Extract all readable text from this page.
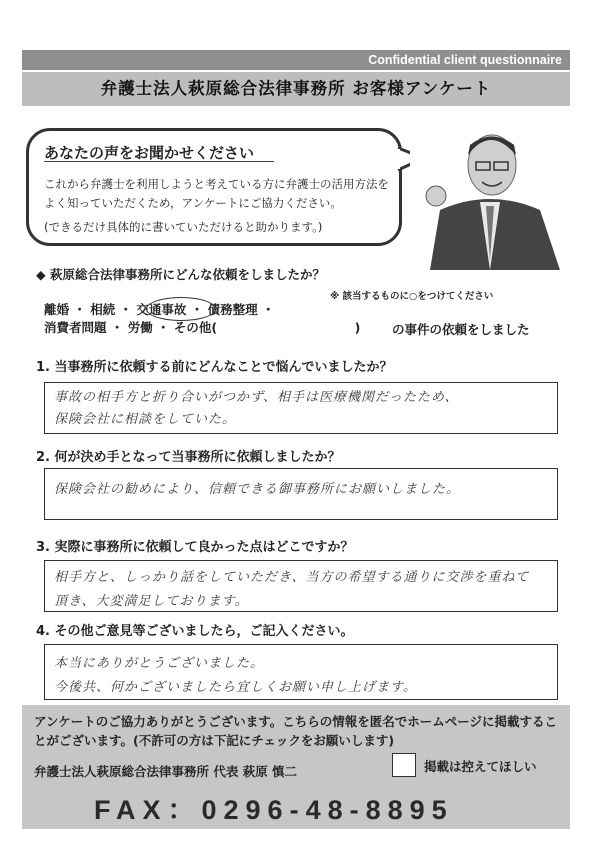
Confidential client questionnaire
弁護士法人萩原総合法律事務所 お客様アンケート
あなたの声をお聞かせください
これから弁護士を利用しようと考えている方に弁護士の活用方法をよく知っていただくため，アンケートにご協力ください。
(できるだけ具体的に書いていただけると助かります。)
◆ 萩原総合法律事務所にどんな依頼をしましたか？
※ 該当するものに○をつけてください
離婚 ・ 相続 ・ 交通事故 ・ 債務整理 ・
消費者問題 ・ 労働 ・ その他(　　　　　　　　　　　)	の事件の依頼をしました
1. 当事務所に依頼する前にどんなことで悩んでいましたか？
事故の相手方と折り合いがつかず、相手は医療機関だったため、
保険会社に相談をしていた。
2. 何が決め手となって当事務所に依頼しましたか？
保険会社の勧めにより、信頼できる御事務所にお願いしました。
3. 実際に事務所に依頼して良かった点はどこですか？
相手方と、しっかり話をしていただき、当方の希望する通りに交渉を重ねて
頂き、大変満足しております。
4. その他ご意見等ございましたら，ご記入ください。
本当にありがとうございました。
今後共、何かございましたら宜しくお願い申し上げます。
アンケートのご協力ありがとうございます。こちらの情報を匿名でホームページに掲載することがございます。(不許可の方は下記にチェックをお願いします)
弁護士法人萩原総合法律事務所 代表 萩原 慎二	掲載は控えてほしい
FAX：0296-48-8895
